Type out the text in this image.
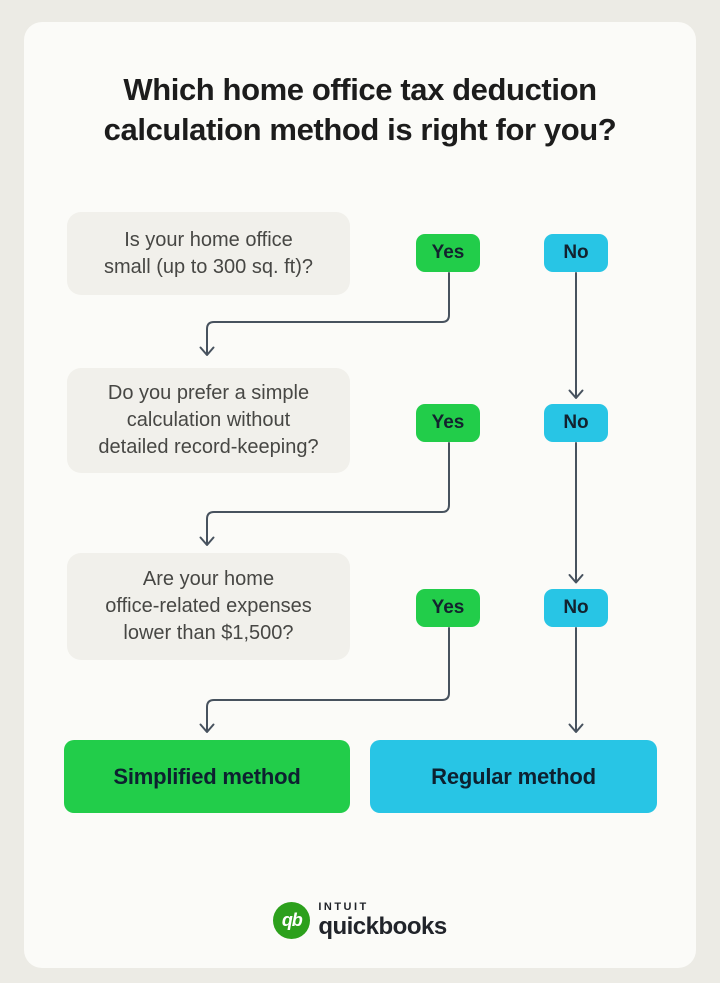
Which home office tax deduction
calculation method is right for you?
Is your home office
small (up to 300 sq. ft)?
Yes	No
Do you prefer a simple
calculation without
detailed record-keeping?
Yes	No
Are your home
office-related expenses
lower than $1,500?
Yes	No
Simplified method	Regular method
qb
INTUIT
quickbooks
